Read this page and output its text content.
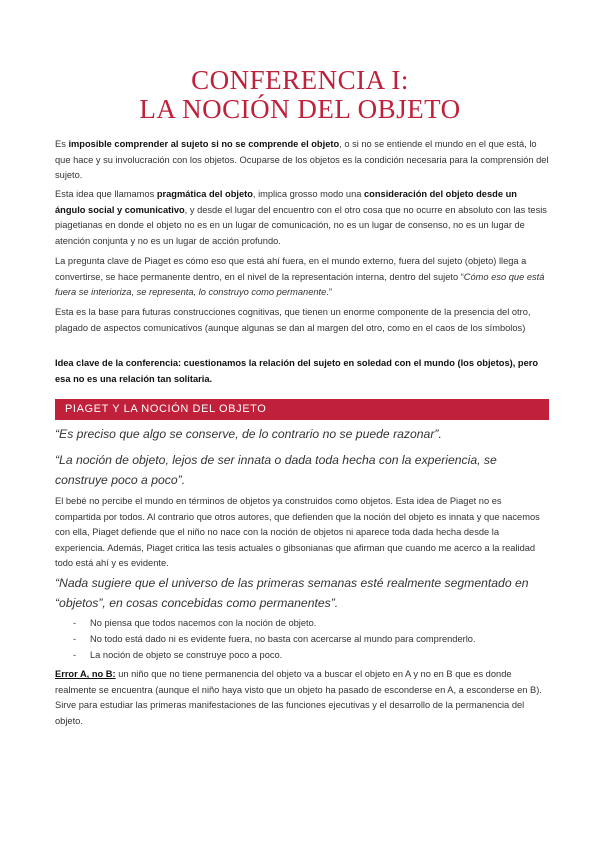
CONFERENCIA I:
LA NOCIÓN DEL OBJETO

Es imposible comprender al sujeto si no se comprende el objeto, o si no se entiende el mundo en el que está, lo que hace y su involucración con los objetos. Ocuparse de los objetos es la condición necesaria para la comprensión del sujeto.

Esta idea que llamamos pragmática del objeto, implica grosso modo una consideración del objeto desde un ángulo social y comunicativo, y desde el lugar del encuentro con el otro cosa que no ocurre en absoluto con las tesis piagetianas en donde el objeto no es en un lugar de comunicación, no es un lugar de consenso, no es un lugar de atención conjunta y no es un lugar de acción profundo.

La pregunta clave de Piaget es cómo eso que está ahí fuera, en el mundo externo, fuera del sujeto (objeto) llega a convertirse, se hace permanente dentro, en el nivel de la representación interna, dentro del sujeto “Cómo eso que está fuera se interioriza, se representa, lo construyo como permanente.”

Esta es la base para futuras construcciones cognitivas, que tienen un enorme componente de la presencia del otro, plagado de aspectos comunicativos (aunque algunas se dan al margen del otro, como en el caos de los símbolos)

Idea clave de la conferencia: cuestionamos la relación del sujeto en soledad con el mundo (los objetos), pero esa no es una relación tan solitaria.

PIAGET Y LA NOCIÓN DEL OBJETO

“Es preciso que algo se conserve, de lo contrario no se puede razonar”.

“La noción de objeto, lejos de ser innata o dada toda hecha con la experiencia, se construye poco a poco”.

El bebé no percibe el mundo en términos de objetos ya construidos como objetos. Esta idea de Piaget no es compartida por todos. Al contrario que otros autores, que defienden que la noción del objeto es innata y que nacemos con ella, Piaget defiende que el niño no nace con la noción de objetos ni aparece toda dada hecha desde la experiencia. Además, Piaget critica las tesis actuales o gibsonianas que afirman que cuando me acerco a la realidad todo está ahí y es evidente.

“Nada sugiere que el universo de las primeras semanas esté realmente segmentado en “objetos”, en cosas concebidas como permanentes”.

- No piensa que todos nacemos con la noción de objeto.
- No todo está dado ni es evidente fuera, no basta con acercarse al mundo para comprenderlo.
- La noción de objeto se construye poco a poco.

Error A, no B: un niño que no tiene permanencia del objeto va a buscar el objeto en A y no en B que es donde realmente se encuentra (aunque el niño haya visto que un objeto ha pasado de esconderse en A, a esconderse en B). Sirve para estudiar las primeras manifestaciones de las funciones ejecutivas y el desarrollo de la permanencia del objeto.
